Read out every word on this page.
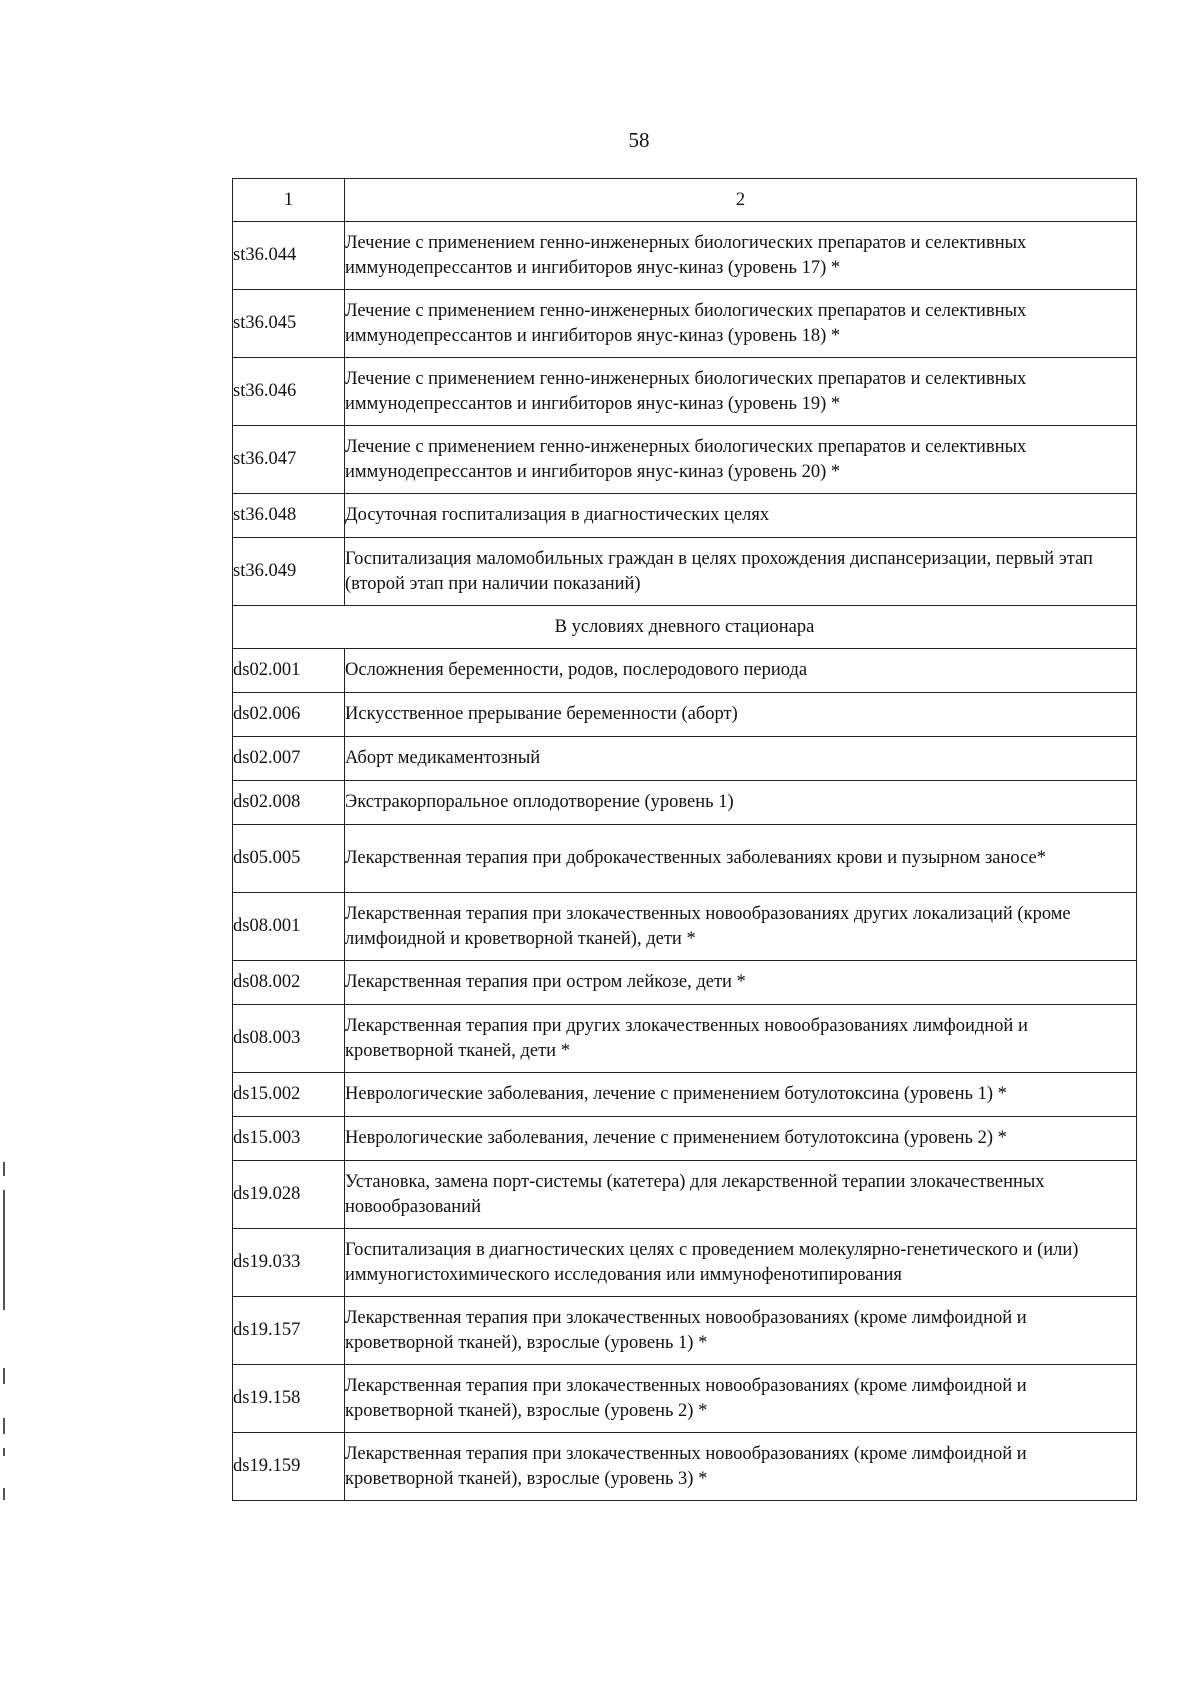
58
1	2
st36.044	Лечение с применением генно-инженерных биологических препаратов и селективных иммунодепрессантов и ингибиторов янус-киназ (уровень 17) *
st36.045	Лечение с применением генно-инженерных биологических препаратов и селективных иммунодепрессантов и ингибиторов янус-киназ (уровень 18) *
st36.046	Лечение с применением генно-инженерных биологических препаратов и селективных иммунодепрессантов и ингибиторов янус-киназ (уровень 19) *
st36.047	Лечение с применением генно-инженерных биологических препаратов и селективных иммунодепрессантов и ингибиторов янус-киназ (уровень 20) *
st36.048	Досуточная госпитализация в диагностических целях
st36.049	Госпитализация маломобильных граждан в целях прохождения диспансеризации, первый этап (второй этап при наличии показаний)
В условиях дневного стационара	
ds02.001	Осложнения беременности, родов, послеродового периода
ds02.006	Искусственное прерывание беременности (аборт)
ds02.007	Аборт медикаментозный
ds02.008	Экстракорпоральное оплодотворение (уровень 1)
ds05.005	Лекарственная терапия при доброкачественных заболеваниях крови и пузырном заносе*
ds08.001	Лекарственная терапия при злокачественных новообразованиях других локализаций (кроме лимфоидной и кроветворной тканей), дети *
ds08.002	Лекарственная терапия при остром лейкозе, дети *
ds08.003	Лекарственная терапия при других злокачественных новообразованиях лимфоидной и кроветворной тканей, дети *
ds15.002	Неврологические заболевания, лечение с применением ботулотоксина (уровень 1) *
ds15.003	Неврологические заболевания, лечение с применением ботулотоксина (уровень 2) *
ds19.028	Установка, замена порт-системы (катетера) для лекарственной терапии злокачественных новообразований
ds19.033	Госпитализация в диагностических целях с проведением молекулярно-генетического и (или) иммуногистохимического исследования или иммунофенотипирования
ds19.157	Лекарственная терапия при злокачественных новообразованиях (кроме лимфоидной и кроветворной тканей), взрослые (уровень 1) *
ds19.158	Лекарственная терапия при злокачественных новообразованиях (кроме лимфоидной и кроветворной тканей), взрослые (уровень 2) *
ds19.159	Лекарственная терапия при злокачественных новообразованиях (кроме лимфоидной и кроветворной тканей), взрослые (уровень 3) *
